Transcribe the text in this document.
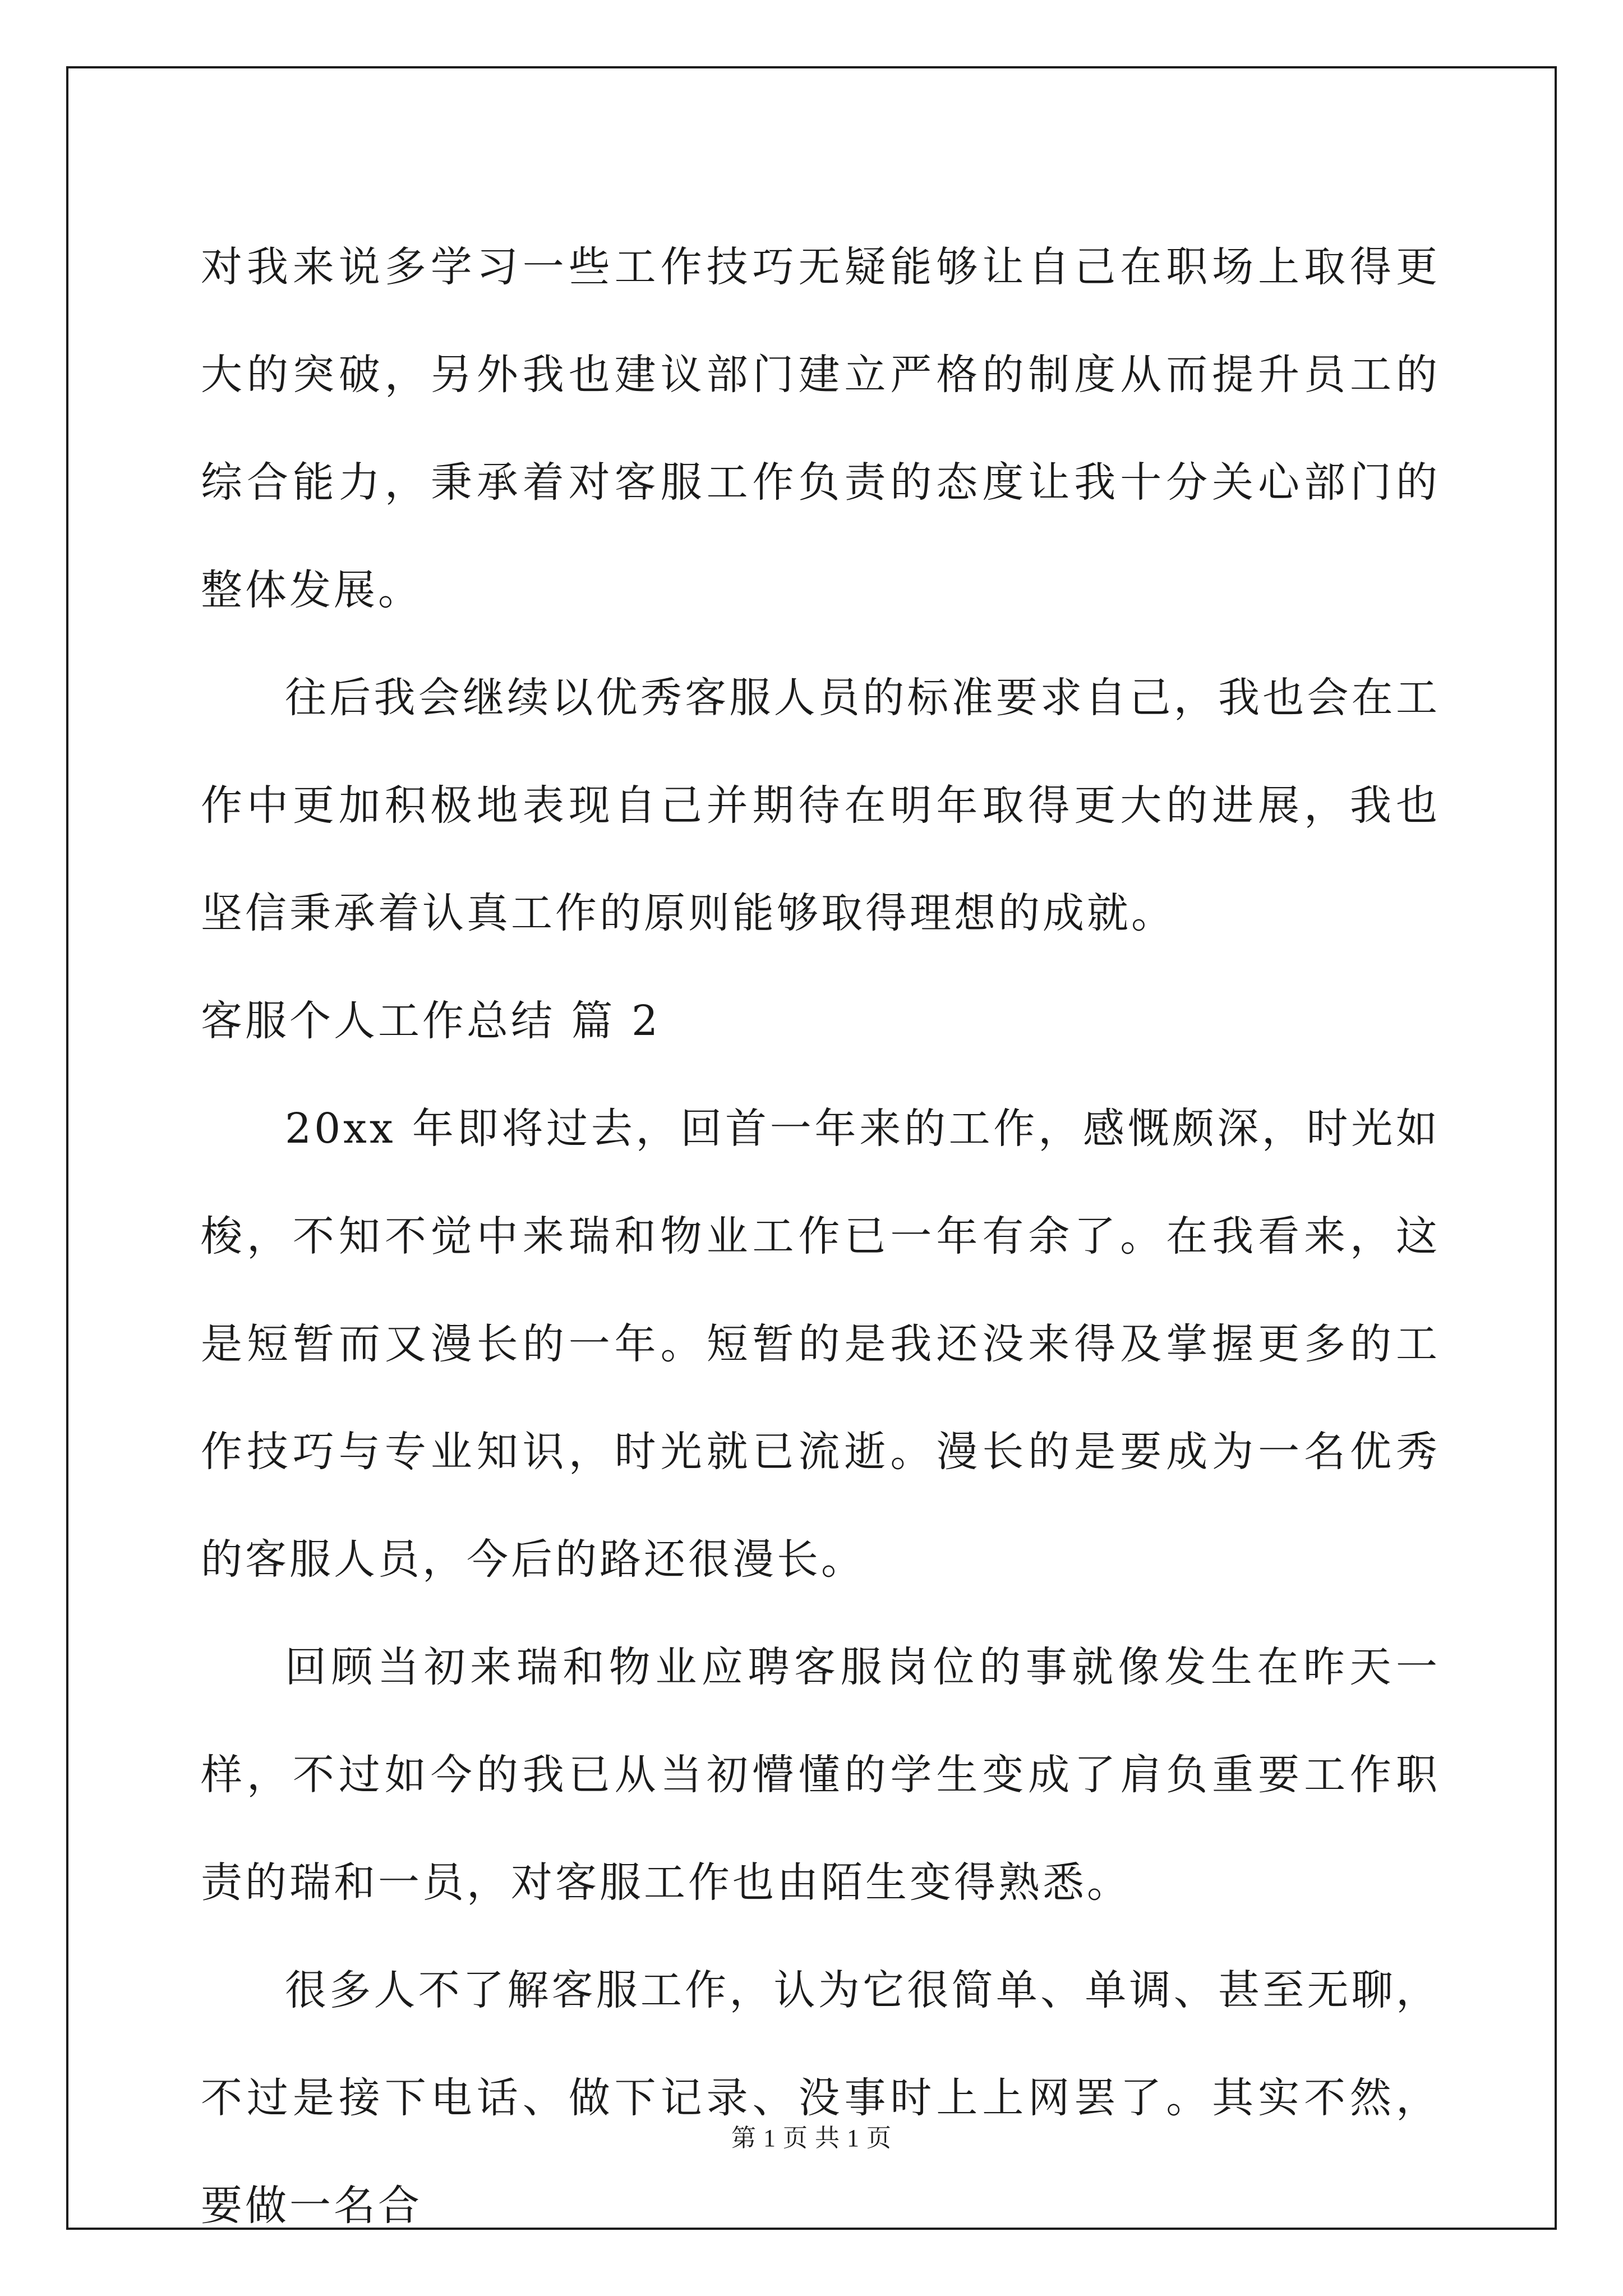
对我来说多学习一些工作技巧无疑能够让自己在职场上取得更大的突破，另外我也建议部门建立严格的制度从而提升员工的综合能力，秉承着对客服工作负责的态度让我十分关心部门的整体发展。

往后我会继续以优秀客服人员的标准要求自己，我也会在工作中更加积极地表现自己并期待在明年取得更大的进展，我也坚信秉承着认真工作的原则能够取得理想的成就。

客服个人工作总结 篇 2

20xx 年即将过去，回首一年来的工作，感慨颇深，时光如梭，不知不觉中来瑞和物业工作已一年有余了。在我看来，这是短暂而又漫长的一年。短暂的是我还没来得及掌握更多的工作技巧与专业知识，时光就已流逝。漫长的是要成为一名优秀的客服人员，今后的路还很漫长。

回顾当初来瑞和物业应聘客服岗位的事就像发生在昨天一样，不过如今的我已从当初懵懂的学生变成了肩负重要工作职责的瑞和一员，对客服工作也由陌生变得熟悉。

很多人不了解客服工作，认为它很简单、单调、甚至无聊，不过是接下电话、做下记录、没事时上上网罢了。其实不然，要做一名合

第 1 页 共 1 页
